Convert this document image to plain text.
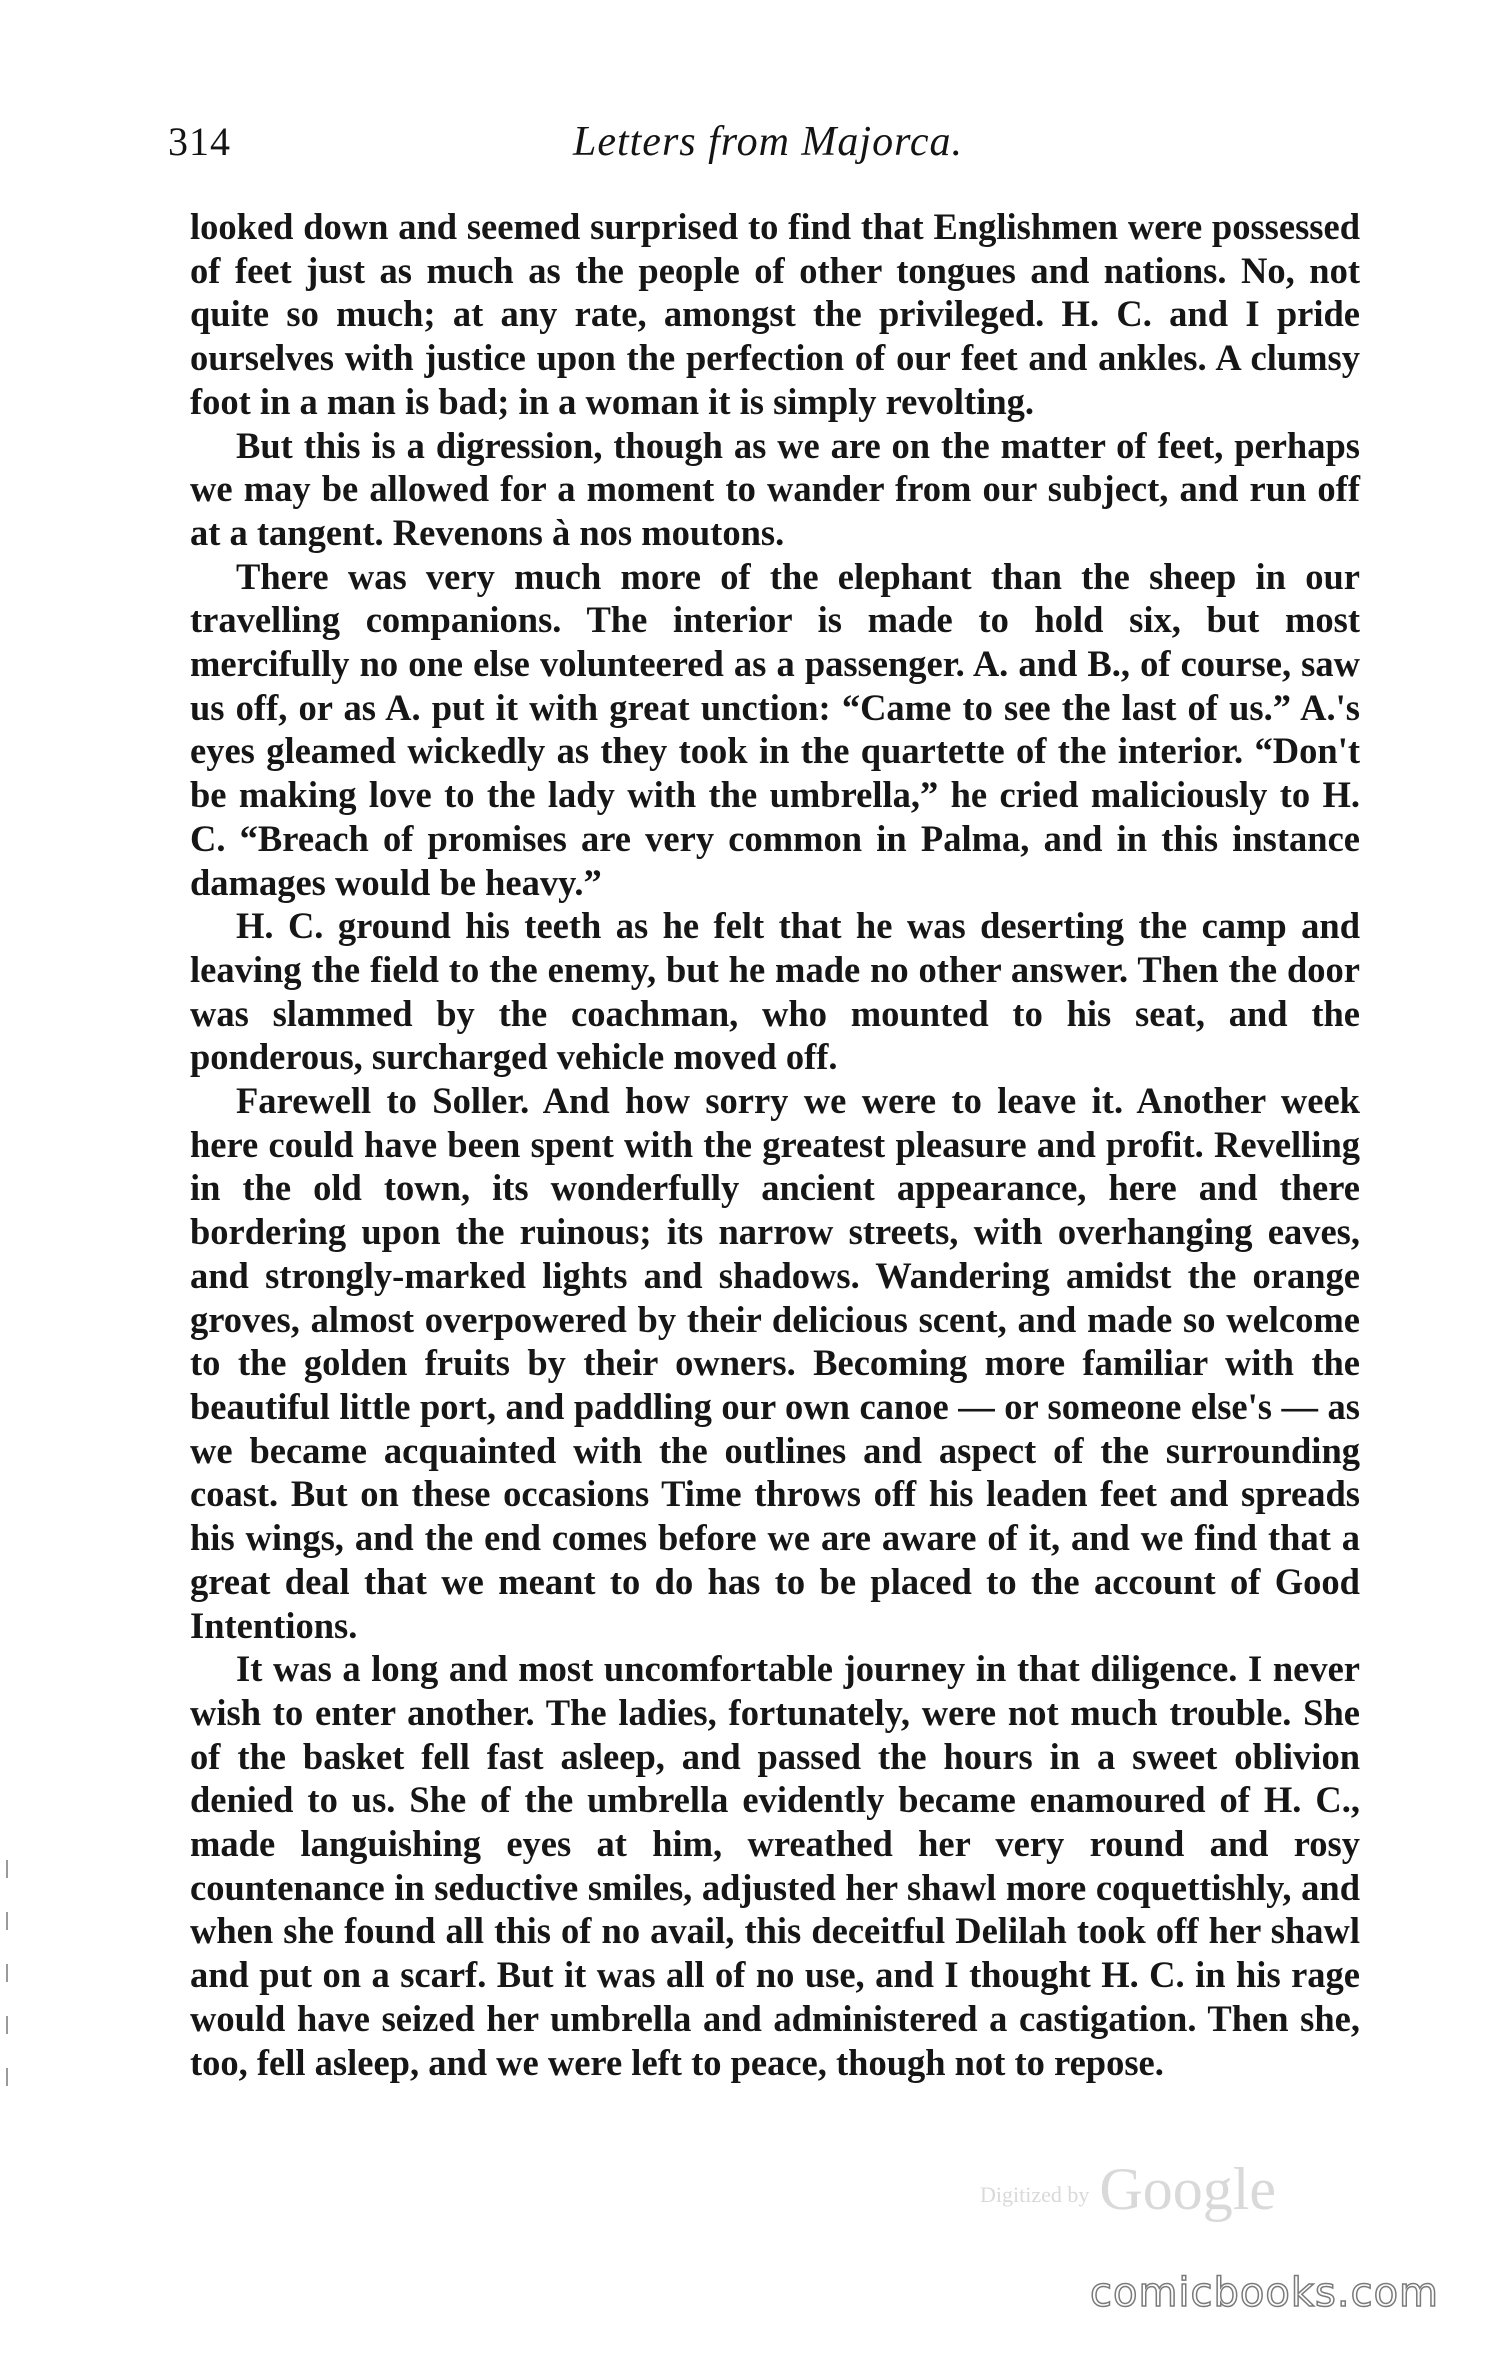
314	Letters from Majorca.

looked down and seemed surprised to find that Englishmen were possessed of feet just as much as the people of other tongues and nations. No, not quite so much; at any rate, amongst the privileged. H. C. and I pride ourselves with justice upon the perfection of our feet and ankles. A clumsy foot in a man is bad; in a woman it is simply revolting.

But this is a digression, though as we are on the matter of feet, perhaps we may be allowed for a moment to wander from our subject, and run off at a tangent. Revenons à nos moutons.

There was very much more of the elephant than the sheep in our travelling companions. The interior is made to hold six, but most mercifully no one else volunteered as a passenger. A. and B., of course, saw us off, or as A. put it with great unction: “Came to see the last of us.” A.'s eyes gleamed wickedly as they took in the quartette of the interior. “Don't be making love to the lady with the umbrella,” he cried maliciously to H. C. “Breach of promises are very common in Palma, and in this instance damages would be heavy.”

H. C. ground his teeth as he felt that he was deserting the camp and leaving the field to the enemy, but he made no other answer. Then the door was slammed by the coachman, who mounted to his seat, and the ponderous, surcharged vehicle moved off.

Farewell to Soller. And how sorry we were to leave it. Another week here could have been spent with the greatest pleasure and profit. Revelling in the old town, its wonderfully ancient appearance, here and there bordering upon the ruinous; its narrow streets, with overhanging eaves, and strongly-marked lights and shadows. Wandering amidst the orange groves, almost overpowered by their delicious scent, and made so welcome to the golden fruits by their owners. Becoming more familiar with the beautiful little port, and paddling our own canoe — or someone else's — as we became acquainted with the outlines and aspect of the surrounding coast. But on these occasions Time throws off his leaden feet and spreads his wings, and the end comes before we are aware of it, and we find that a great deal that we meant to do has to be placed to the account of Good Intentions.

It was a long and most uncomfortable journey in that diligence. I never wish to enter another. The ladies, fortunately, were not much trouble. She of the basket fell fast asleep, and passed the hours in a sweet oblivion denied to us. She of the umbrella evidently became enamoured of H. C., made languishing eyes at him, wreathed her very round and rosy countenance in seductive smiles, adjusted her shawl more coquettishly, and when she found all this of no avail, this deceitful Delilah took off her shawl and put on a scarf. But it was all of no use, and I thought H. C. in his rage would have seized her umbrella and administered a castigation. Then she, too, fell asleep, and we were left to peace, though not to repose.

Digitized by Google
comicbooks.com
